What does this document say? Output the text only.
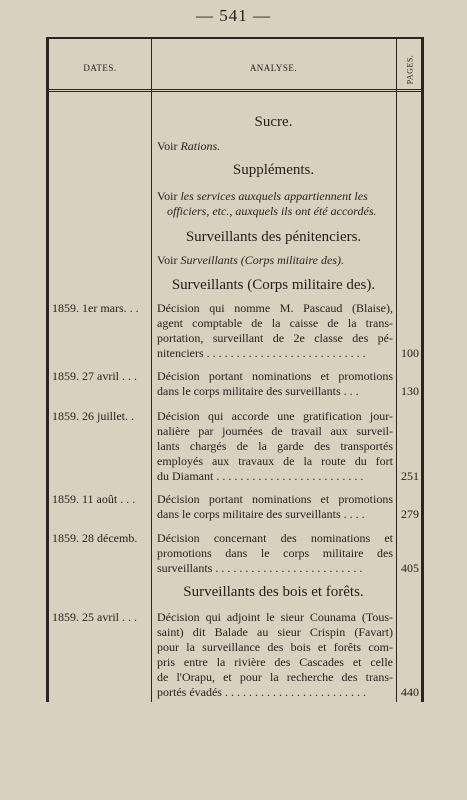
— 541 —
DATES.	ANALYSE.	PAGES.
Sucre.
Voir Rations.
Suppléments.
Voir les services auxquels appartiennent les
officiers, etc., auxquels ils ont été accordés.
Surveillants des pénitenciers.
Voir Surveillants (Corps militaire des).
Surveillants (Corps militaire des).
1859. 1er mars. . .	Décision qui nomme M. Pascaud (Blaise),
agent comptable de la caisse de la trans-
portation, surveillant de 2e classe des pé-
nitenciers . . . . . . . . . . . . . . . . . . . . . . . . . . .	100
1859. 27 avril . . .	Décision portant nominations et promotions
dans le corps militaire des surveillants . . .	130
1859. 26 juillet. .	Décision qui accorde une gratification jour-
nalière par journées de travail aux surveil-
lants chargés de la garde des transportés
employés aux travaux de la route du fort
du Diamant . . . . . . . . . . . . . . . . . . . . . . . . .	251
1859. 11 août . . .	Décision portant nominations et promotions
dans le corps militaire des surveillants . . . .	279
1859. 28 décemb.	Décision concernant des nominations et
promotions dans le corps militaire des
surveillants . . . . . . . . . . . . . . . . . . . . . . . . .	405
Surveillants des bois et forêts.
1859. 25 avril . . .	Décision qui adjoint le sieur Counama (Tous-
saint) dit Balade au sieur Crispin (Favart)
pour la surveillance des bois et forêts com-
pris entre la rivière des Cascades et celle
de l'Orapu, et pour la recherche des trans-
portés évadés . . . . . . . . . . . . . . . . . . . . . . . .	440
